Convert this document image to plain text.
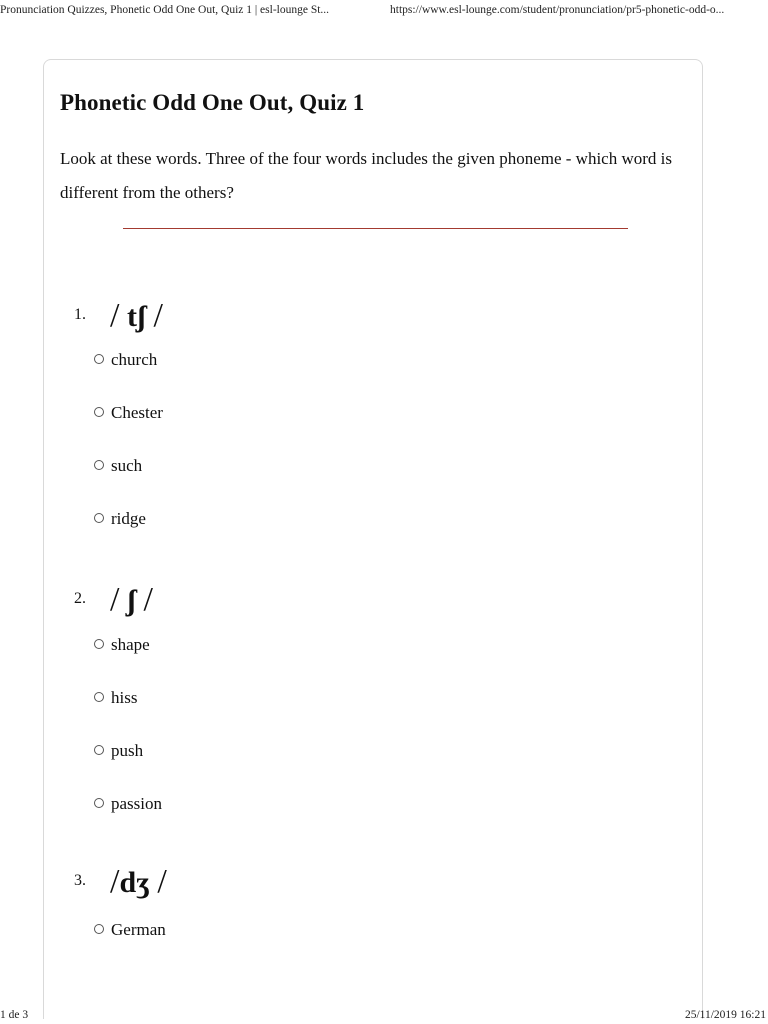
Pronunciation Quizzes, Phonetic Odd One Out, Quiz 1 | esl-lounge St...	https://www.esl-lounge.com/student/pronunciation/pr5-phonetic-odd-o...
Phonetic Odd One Out, Quiz 1

Look at these words. Three of the four words includes the given phoneme - which word is different from the others?

1. / tʃ /
church
Chester
such
ridge
2. / ʃ /
shape
hiss
push
passion
3. /dʒ /
German
1 de 3	25/11/2019 16:21
